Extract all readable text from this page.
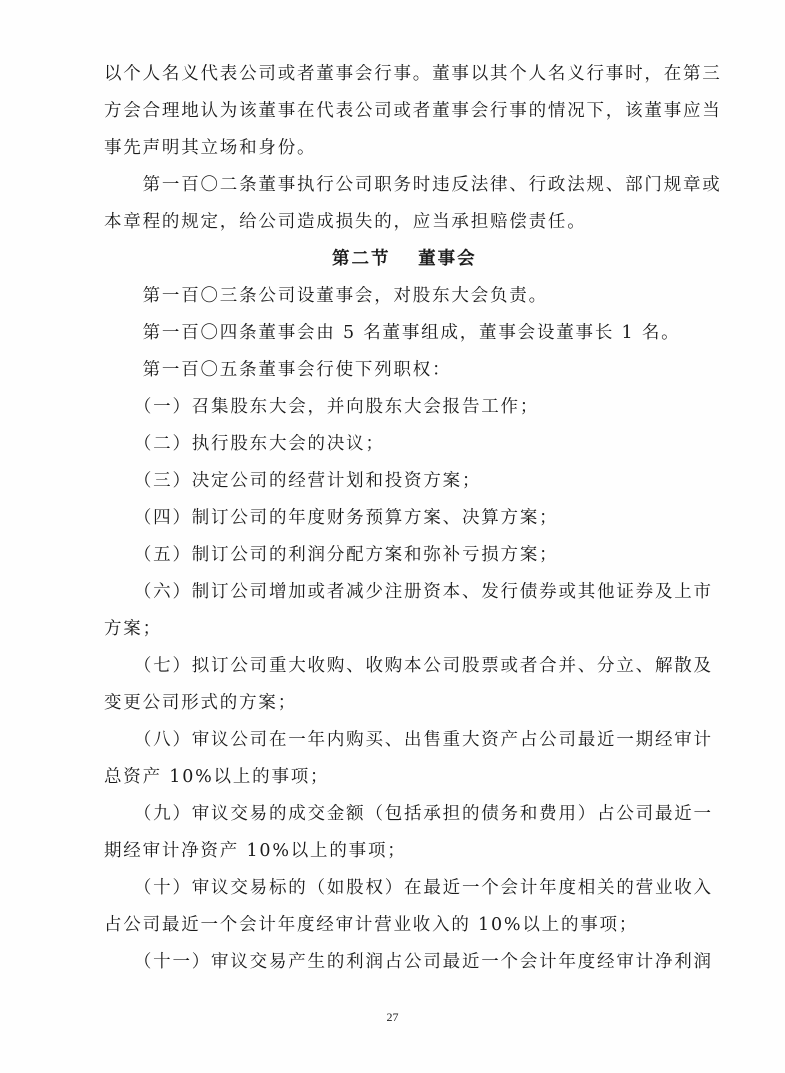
以个人名义代表公司或者董事会行事。董事以其个人名义行事时，在第三
方会合理地认为该董事在代表公司或者董事会行事的情况下，该董事应当
事先声明其立场和身份。
　　第一百〇二条董事执行公司职务时违反法律、行政法规、部门规章或
本章程的规定，给公司造成损失的，应当承担赔偿责任。
第二节　 董事会
　　第一百〇三条公司设董事会，对股东大会负责。
　　第一百〇四条董事会由 5 名董事组成，董事会设董事长 1 名。
　　第一百〇五条董事会行使下列职权：
　　（一）召集股东大会，并向股东大会报告工作；
　　（二）执行股东大会的决议；
　　（三）决定公司的经营计划和投资方案；
　　（四）制订公司的年度财务预算方案、决算方案；
　　（五）制订公司的利润分配方案和弥补亏损方案；
　　（六）制订公司增加或者减少注册资本、发行债券或其他证券及上市
方案；
　　（七）拟订公司重大收购、收购本公司股票或者合并、分立、解散及
变更公司形式的方案；
　　（八）审议公司在一年内购买、出售重大资产占公司最近一期经审计
总资产 10%以上的事项；
　　（九）审议交易的成交金额（包括承担的债务和费用）占公司最近一
期经审计净资产 10%以上的事项；
　　（十）审议交易标的（如股权）在最近一个会计年度相关的营业收入
占公司最近一个会计年度经审计营业收入的 10%以上的事项；
　　（十一）审议交易产生的利润占公司最近一个会计年度经审计净利润
27
